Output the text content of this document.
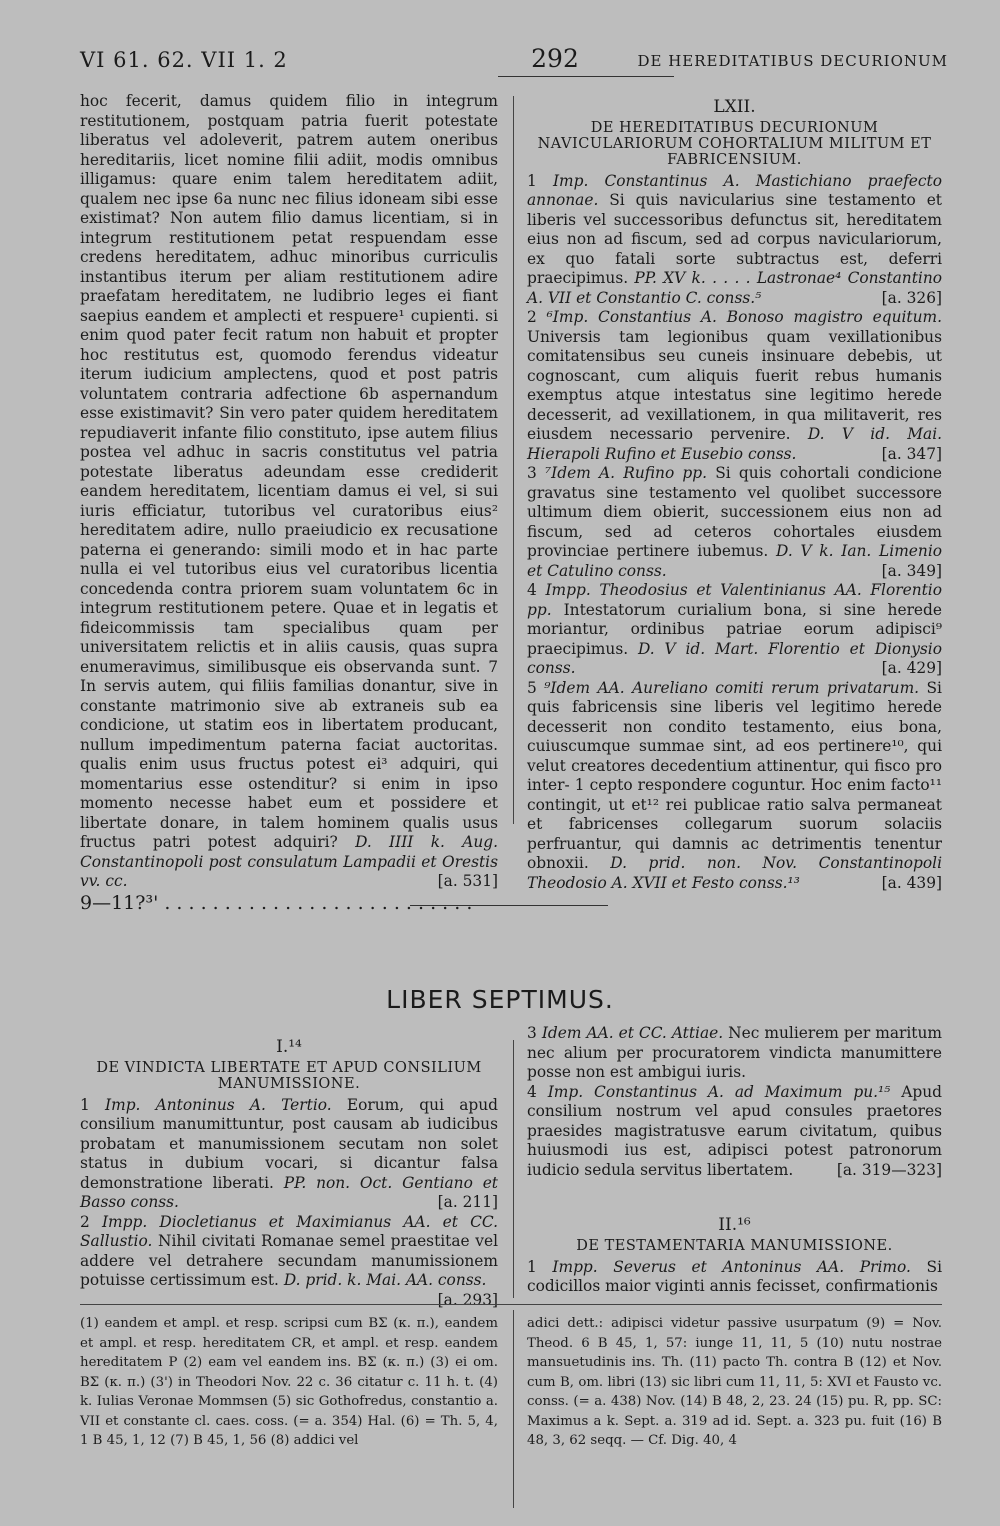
VI 61. 62. VII 1. 2	292	DE HEREDITATIBUS DECURIONUM

hoc fecerit, damus quidem filio in integrum restitutionem, postquam patria fuerit potestate liberatus vel adoleverit, patrem autem oneribus hereditariis, licet nomine filii adiit, modis omnibus illigamus: quare enim talem hereditatem adiit, qualem nec ipse 6a nunc nec filius idoneam sibi esse existimat? Non autem filio damus licentiam, si in integrum restitutionem petat respuendam esse credens hereditatem, adhuc minoribus curriculis instantibus iterum per aliam restitutionem adire praefatam hereditatem, ne ludibrio leges ei fiant saepius eandem et amplecti et respuere¹ cupienti. si enim quod pater fecit ratum non habuit et propter hoc restitutus est, quomodo ferendus videatur iterum iudicium amplectens, quod et post patris voluntatem contraria adfectione 6b aspernandum esse existimavit? Sin vero pater quidem hereditatem repudiaverit infante filio constituto, ipse autem filius postea vel adhuc in sacris constitutus vel patria potestate liberatus adeundam esse crediderit eandem hereditatem, licentiam damus ei vel, si sui iuris efficiatur, tutoribus vel curatoribus eius² hereditatem adire, nullo praeiudicio ex recusatione paterna ei generando: simili modo et in hac parte nulla ei vel tutoribus eius vel curatoribus licentia concedenda contra priorem suam voluntatem 6c in integrum restitutionem petere. Quae et in legatis et fideicommissis tam specialibus quam per universitatem relictis et in aliis causis, quas supra enumeravimus, similibusque eis observanda sunt. 7 In servis autem, qui filiis familias donantur, sive in constante matrimonio sive ab extraneis sub ea condicione, ut statim eos in libertatem producant, nullum impedimentum paterna faciat auctoritas. qualis enim usus fructus potest ei³ adquiri, qui momentarius esse ostenditur? si enim in ipso momento necesse habet eum et possidere et libertate donare, in talem hominem qualis usus fructus patri potest adquiri? D. IIII k. Aug. Constantinopoli post consulatum Lampadii et Orestis vv. cc.	[a. 531]

9—11?³' . . . . . . . . . . . . . . . . . . . . . . . . . .

LXII.
DE HEREDITATIBUS DECURIONUM NAVICULARIORUM COHORTALIUM MILITUM ET FABRICENSIUM.

1 Imp. Constantinus A. Mastichiano praefecto annonae. Si quis navicularius sine testamento et liberis vel successoribus defunctus sit, hereditatem eius non ad fiscum, sed ad corpus naviculariorum, ex quo fatali sorte subtractus est, deferri praecipimus. PP. XV k. . . . . Lastronae⁴ Constantino A. VII et Constantio C. conss.⁵	[a. 326]

2 ⁶Imp. Constantius A. Bonoso magistro equitum. Universis tam legionibus quam vexillationibus comitatensibus seu cuneis insinuare debebis, ut cognoscant, cum aliquis fuerit rebus humanis exemptus atque intestatus sine legitimo herede decesserit, ad vexillationem, in qua militaverit, res eiusdem necessario pervenire. D. V id. Mai. Hierapoli Rufino et Eusebio conss.	[a. 347]

3 ⁷Idem A. Rufino pp. Si quis cohortali condicione gravatus sine testamento vel quolibet successore ultimum diem obierit, successionem eius non ad fiscum, sed ad ceteros cohortales eiusdem provinciae pertinere iubemus. D. V k. Ian. Limenio et Catulino conss.	[a. 349]

4 Impp. Theodosius et Valentinianus AA. Florentio pp. Intestatorum curialium bona, si sine herede moriantur, ordinibus patriae eorum adipisci⁹ praecipimus. D. V id. Mart. Florentio et Dionysio conss.	[a. 429]

5 ⁹Idem AA. Aureliano comiti rerum privatarum. Si quis fabricensis sine liberis vel legitimo herede decesserit non condito testamento, eius bona, cuiuscumque summae sint, ad eos pertinere¹⁰, qui velut creatores decedentium attinentur, qui fisco pro inter- 1 cepto respondere coguntur. Hoc enim facto¹¹ contingit, ut et¹² rei publicae ratio salva permaneat et fabricenses collegarum suorum solaciis perfruantur, qui damnis ac detrimentis tenentur obnoxii. D. prid. non. Nov. Constantinopoli Theodosio A. XVII et Festo conss.¹³	[a. 439]

LIBER SEPTIMUS.
I.¹⁴
DE VINDICTA LIBERTATE ET APUD CONSILIUM MANUMISSIONE.

1 Imp. Antoninus A. Tertio. Eorum, qui apud consilium manumittuntur, post causam ab iudicibus probatam et manumissionem secutam non solet status in dubium vocari, si dicantur falsa demonstratione liberati. PP. non. Oct. Gentiano et Basso conss.	[a. 211]

2 Impp. Diocletianus et Maximianus AA. et CC. Sallustio. Nihil civitati Romanae semel praestitae vel addere vel detrahere secundam manumissionem potuisse certissimum est. D. prid. k. Mai. AA. conss.
[a. 293]

3 Idem AA. et CC. Attiae. Nec mulierem per maritum nec alium per procuratorem vindicta manumittere posse non est ambigui iuris.

4 Imp. Constantinus A. ad Maximum pu.¹⁵ Apud consilium nostrum vel apud consules praetores praesides magistratusve earum civitatum, quibus huiusmodi ius est, adipisci potest patronorum iudicio sedula servitus libertatem.	[a. 319—323]

II.¹⁶
DE TESTAMENTARIA MANUMISSIONE.

1 Impp. Severus et Antoninus AA. Primo. Si codicillos maior viginti annis fecisset, confirmationis

(1) eandem et ampl. et resp. scripsi cum BΣ (κ. π.), eandem et ampl. et resp. hereditatem CR, et ampl. et resp. eandem hereditatem P (2) eam vel eandem ins. BΣ (κ. π.) (3) ei om. BΣ (κ. π.) (3') in Theodori Nov. 22 c. 36 citatur c. 11 h. t. (4) k. Iulias Veronae Mommsen (5) sic Gothofredus, constantio a. VII et constante cl. caes. coss. (= a. 354) Hal. (6) = Th. 5, 4, 1 B 45, 1, 12 (7) B 45, 1, 56 (8) addici vel
adici dett.: adipisci videtur passive usurpatum (9) = Nov. Theod. 6 B 45, 1, 57: iunge 11, 11, 5 (10) nutu nostrae mansuetudinis ins. Th. (11) pacto Th. contra B (12) et Nov. cum B, om. libri (13) sic libri cum 11, 11, 5: XVI et Fausto vc. conss. (= a. 438) Nov. (14) B 48, 2, 23. 24 (15) pu. R, pp. SC: Maximus a k. Sept. a. 319 ad id. Sept. a. 323 pu. fuit (16) B 48, 3, 62 seqq. — Cf. Dig. 40, 4
